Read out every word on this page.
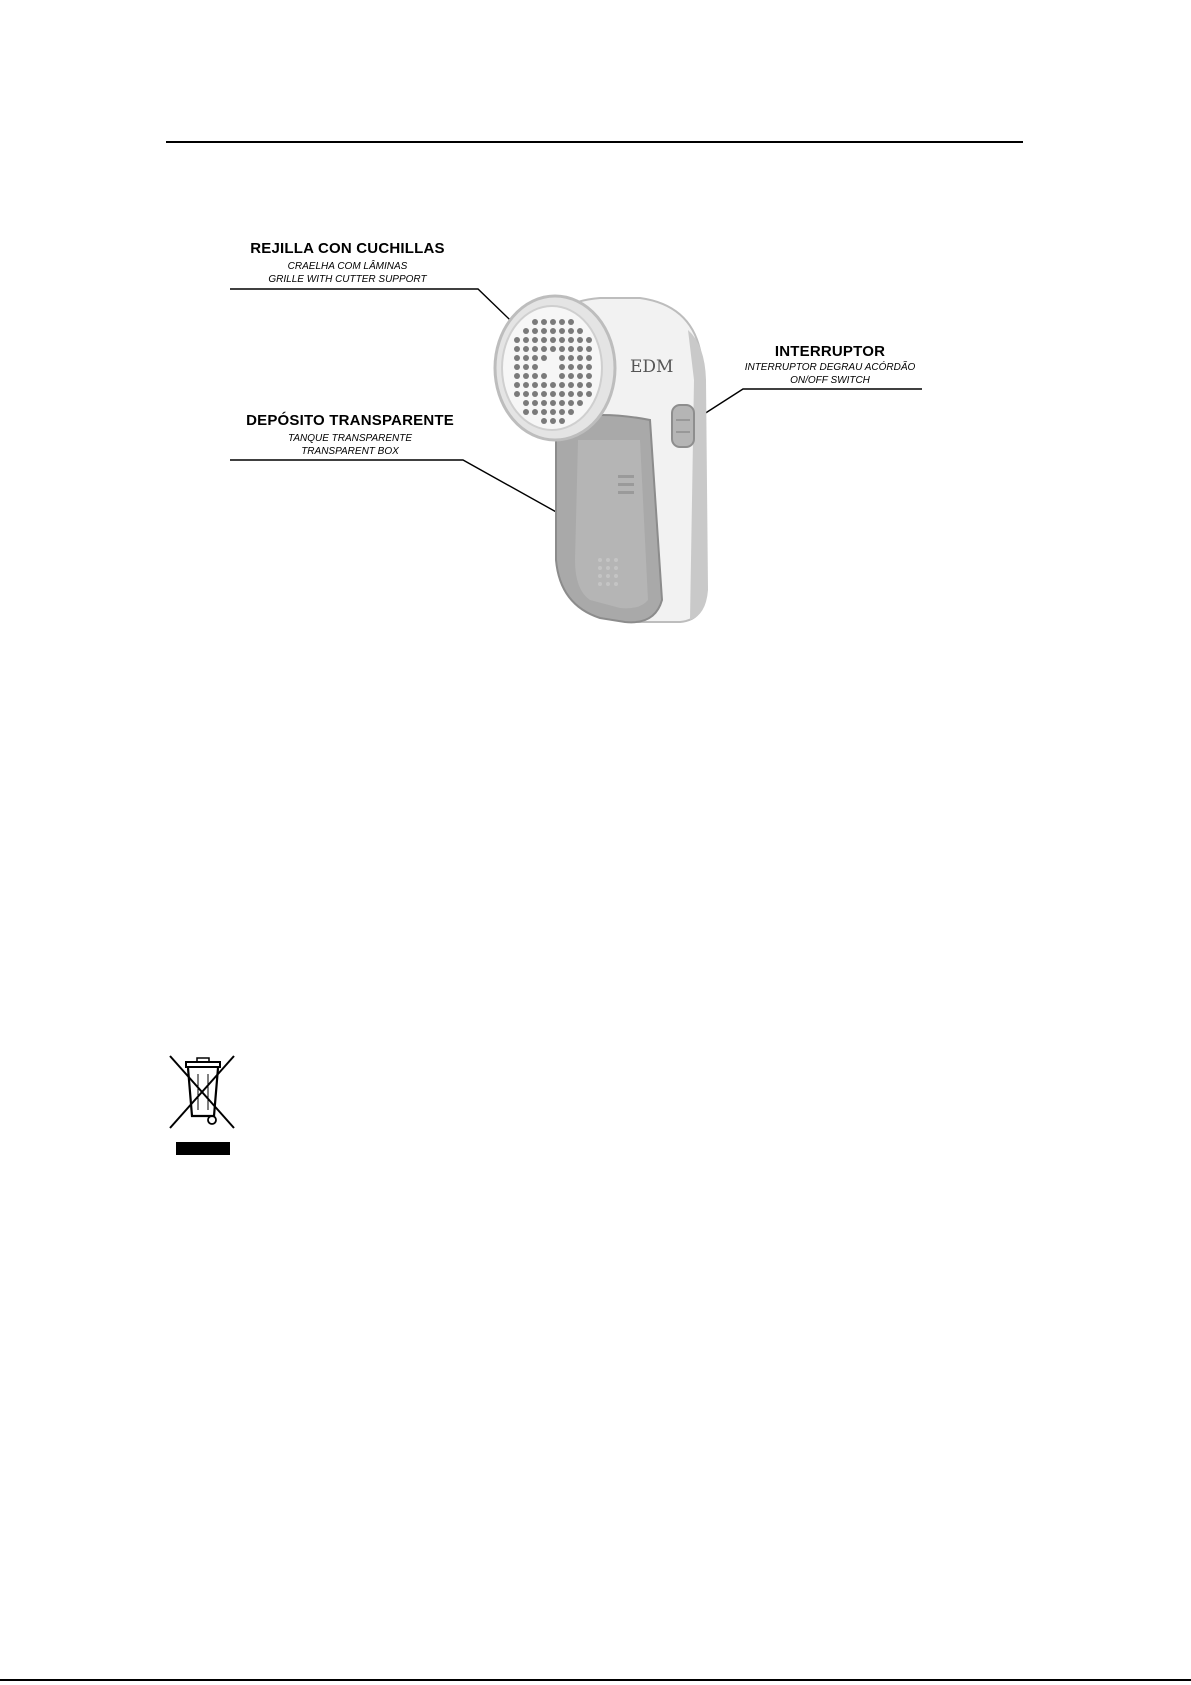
EDM
REJILLA CON CUCHILLAS
CRAELHA COM LÂMINAS
GRILLE WITH CUTTER SUPPORT
DEPÓSITO TRANSPARENTE
TANQUE TRANSPARENTE
TRANSPARENT BOX
INTERRUPTOR
INTERRUPTOR DEGRAU ACÓRDÃO
ON/OFF SWITCH
